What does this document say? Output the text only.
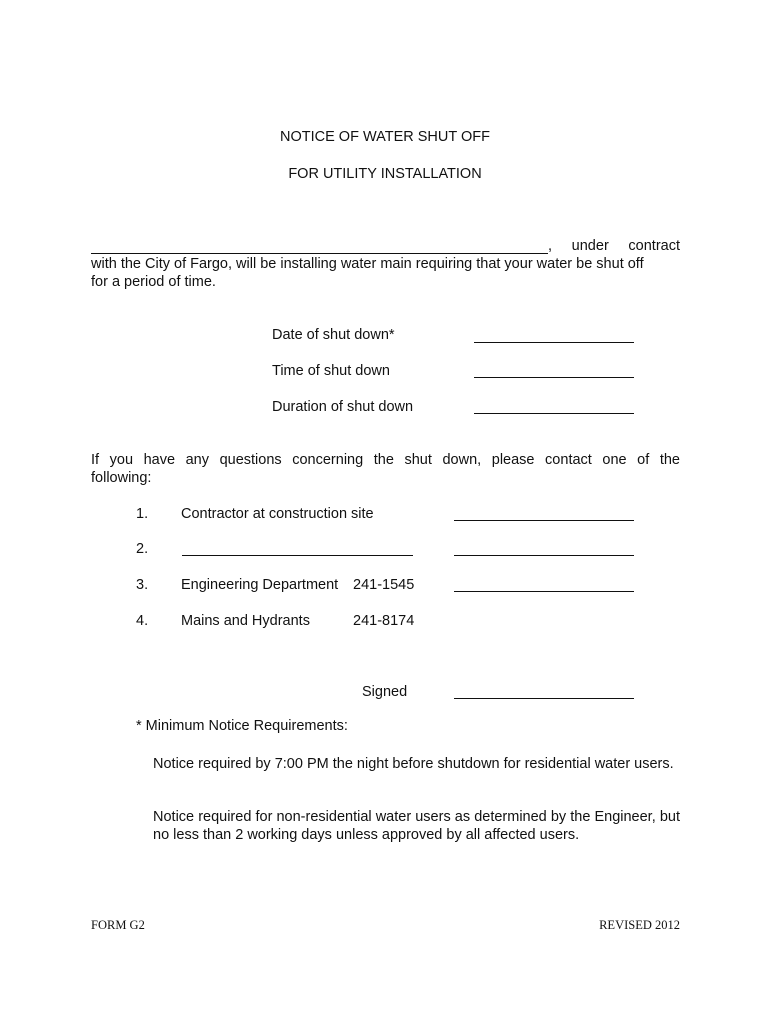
NOTICE OF WATER SHUT OFF
FOR UTILITY INSTALLATION
, under contract
with the City of Fargo, will be installing water main requiring that your water be shut off
for a period of time.
Date of shut down*
Time of shut down
Duration of shut down
If you have any questions concerning the shut down, please contact one of the
following:
1. Contractor at construction site
2.
3. Engineering Department 241-1545
4. Mains and Hydrants	241-8174
Signed
* Minimum Notice Requirements:
Notice required by 7:00 PM the night before shutdown for residential water users.
Notice required for non-residential water users as determined by the Engineer, but no less than 2 working days unless approved by all affected users.
FORM G2	REVISED 2012
